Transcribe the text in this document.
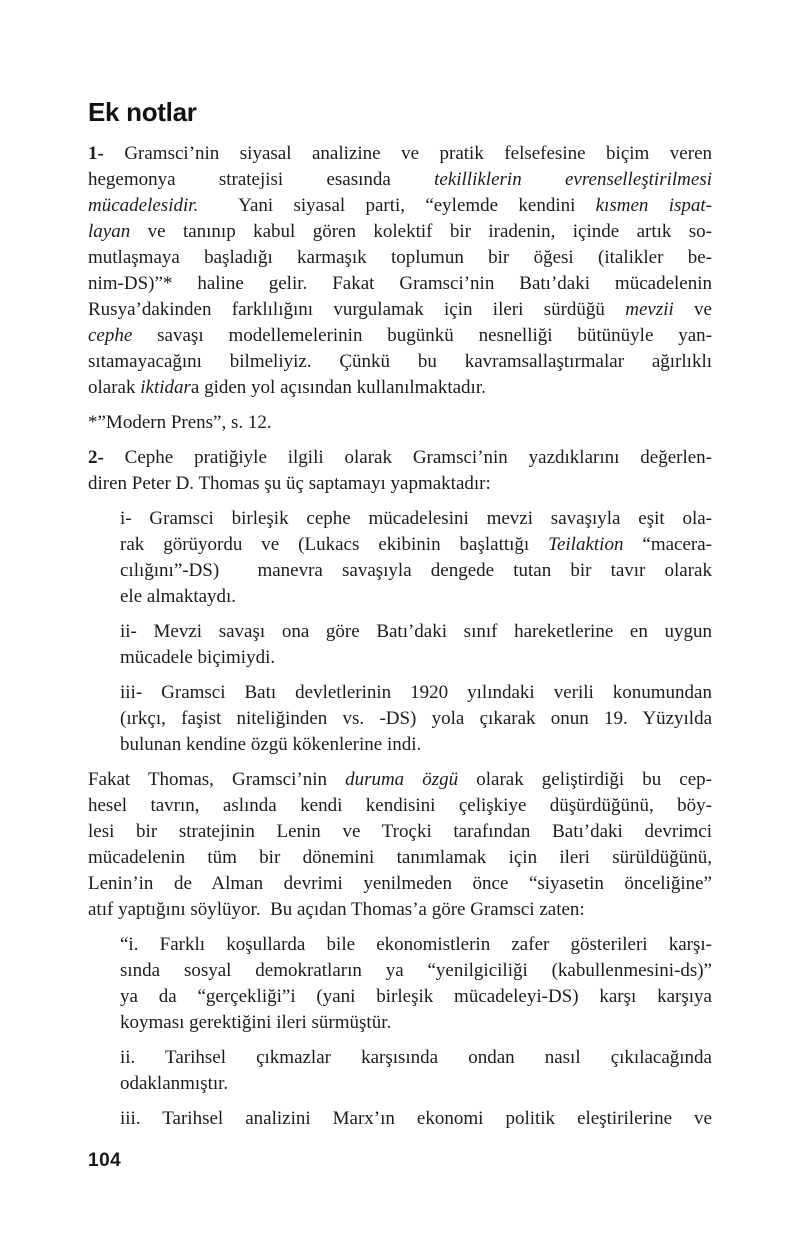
Ek notlar
1- Gramsci’nin siyasal analizine ve pratik felsefesine biçim veren
hegemonya stratejisi esasında tekilliklerin evrenselleştirilmesi
mücadelesidir.  Yani siyasal parti, “eylemde kendini kısmen ispat-
layan ve tanınıp kabul gören kolektif bir iradenin, içinde artık so-
mutlaşmaya başladığı karmaşık toplumun bir öğesi (italikler be-
nim-DS)”* haline gelir. Fakat Gramsci’nin Batı’daki mücadelenin
Rusya’dakinden farklılığını vurgulamak için ileri sürdüğü mevzii ve
cephe savaşı modellemelerinin bugünkü nesnelliği bütünüyle yan-
sıtamayacağını bilmeliyiz. Çünkü bu kavramsallaştırmalar ağırlıklı
olarak iktidara giden yol açısından kullanılmaktadır.
*”Modern Prens”, s. 12.
2- Cephe pratiğiyle ilgili olarak Gramsci’nin yazdıklarını değerlen-
diren Peter D. Thomas şu üç saptamayı yapmaktadır:
i- Gramsci birleşik cephe mücadelesini mevzi savaşıyla eşit ola-
rak görüyordu ve (Lukacs ekibinin başlattığı Teilaktion “macera-
cılığını”-DS)  manevra savaşıyla dengede tutan bir tavır olarak
ele almaktaydı.
ii- Mevzi savaşı ona göre Batı’daki sınıf hareketlerine en uygun
mücadele biçimiydi.
iii- Gramsci Batı devletlerinin 1920 yılındaki verili konumundan
(ırkçı, faşist niteliğinden vs. -DS) yola çıkarak onun 19. Yüzyılda
bulunan kendine özgü kökenlerine indi.
Fakat Thomas, Gramsci’nin duruma özgü olarak geliştirdiği bu cep-
hesel tavrın, aslında kendi kendisini çelişkiye düşürdüğünü, böy-
lesi bir stratejinin Lenin ve Troçki tarafından Batı’daki devrimci
mücadelenin tüm bir dönemini tanımlamak için ileri sürüldüğünü,
Lenin’in de Alman devrimi yenilmeden önce “siyasetin önceliğine”
atıf yaptığını söylüyor.  Bu açıdan Thomas’a göre Gramsci zaten:
“i. Farklı koşullarda bile ekonomistlerin zafer gösterileri karşı-
sında sosyal demokratların ya “yenilgiciliği (kabullenmesini-ds)”
ya da “gerçekliği”i (yani birleşik mücadeleyi-DS) karşı karşıya
koyması gerektiğini ileri sürmüştür.
ii. Tarihsel çıkmazlar karşısında ondan nasıl çıkılacağında
odaklanmıştır.
iii. Tarihsel analizini Marx’ın ekonomi politik eleştirilerine ve
104
